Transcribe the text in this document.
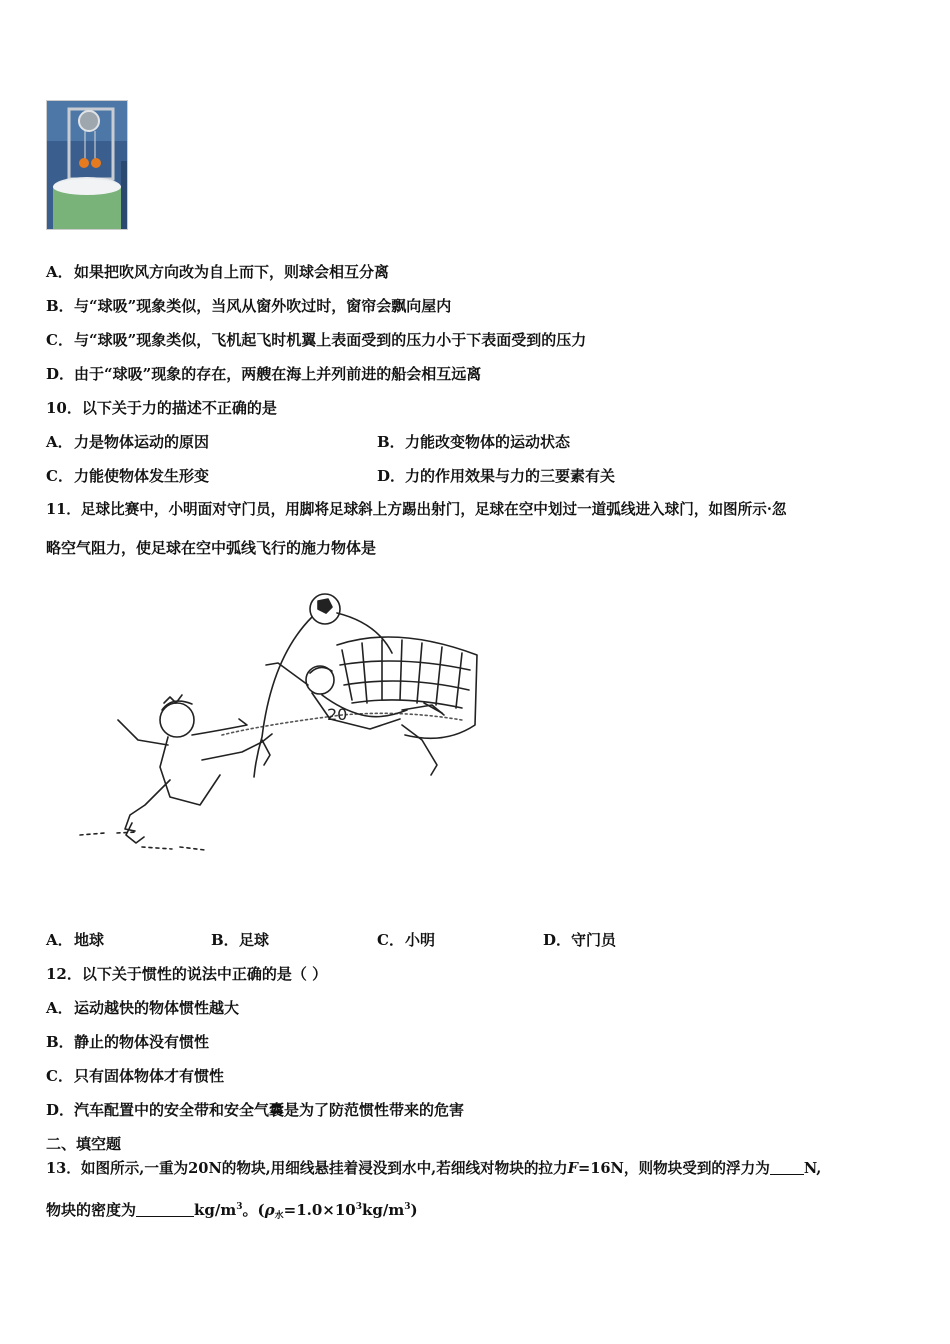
A．如果把吹风方向改为自上而下，则球会相互分离
B．与“球吸”现象类似，当风从窗外吹过时，窗帘会飘向屋内
C．与“球吸”现象类似，飞机起飞时机翼上表面受到的压力小于下表面受到的压力
D．由于“球吸”现象的存在，两艘在海上并列前进的船会相互远离
10．以下关于力的描述不正确的是
A．力是物体运动的原因	B．力能改变物体的运动状态
C．力能使物体发生形变	D．力的作用效果与力的三要素有关
11．足球比赛中，小明面对守门员，用脚将足球斜上方踢出射门，足球在空中划过一道弧线进入球门，如图所示·忽
略空气阻力，使足球在空中弧线飞行的施力物体是
20
A．地球	B．足球	C．小明	D．守门员
12．以下关于惯性的说法中正确的是（ ）
A．运动越快的物体惯性越大
B．静止的物体没有惯性
C．只有固体物体才有惯性
D．汽车配置中的安全带和安全气囊是为了防范惯性带来的危害
二、填空题
13．如图所示,一重为20N的物块,用细线悬挂着浸没到水中,若细线对物块的拉力F=16N，则物块受到的浮力为 N,
物块的密度为	$kg/m^3$。$(\rho_水=1.0\times 10^3kg/m^3)$
